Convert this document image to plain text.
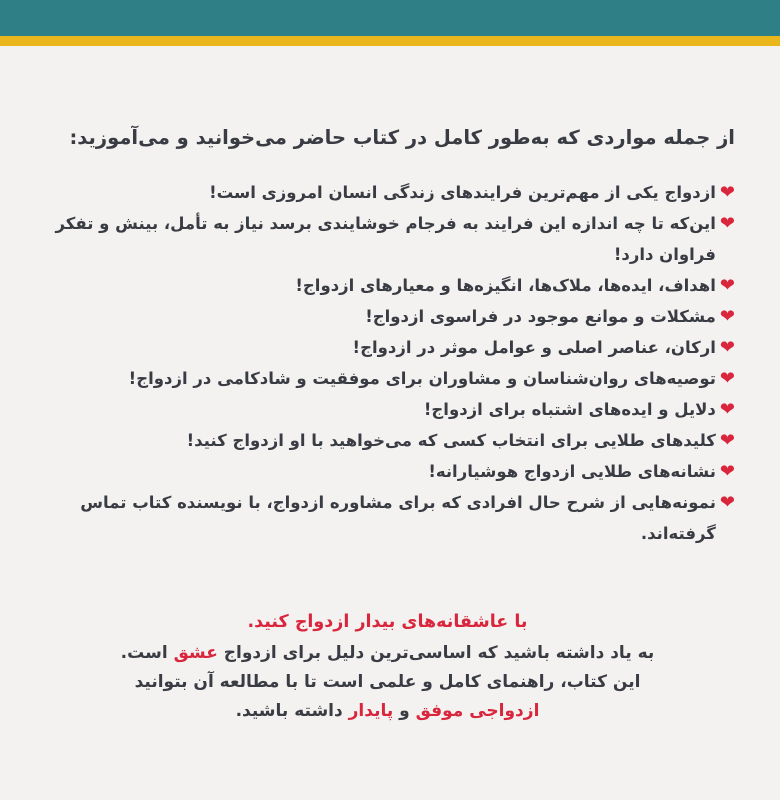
از جمله مواردی که به‌طور کامل در کتاب حاضر می‌خوانید و می‌آموزید:

❤
ازدواج یکی از مهم‌ترین فرایندهای زندگی انسان امروزی است!
❤
این‌که تا چه اندازه این فرایند به فرجام خوشایندی برسد نیاز به تأمل، بینش و تفکر فراوان دارد!
❤
اهداف، ایده‌ها، ملاک‌ها، انگیزه‌ها و معیارهای ازدواج!
❤
مشکلات و موانع موجود در فراسوی ازدواج!
❤
ارکان، عناصر اصلی و عوامل موثر در ازدواج!
❤
توصیه‌های روان‌شناسان و مشاوران برای موفقیت و شادکامی در ازدواج!
❤
دلایل و ایده‌های اشتباه برای ازدواج!
❤
کلیدهای طلایی برای انتخاب کسی که می‌خواهید با او ازدواج کنید!
❤
نشانه‌های طلایی ازدواج هوشیارانه!
❤
نمونه‌هایی از شرح حال افرادی که برای مشاوره ازدواج، با نویسنده کتاب تماس گرفته‌اند.

با عاشقانه‌های بیدار ازدواج کنید.

به یاد داشته باشید که اساسی‌ترین دلیل برای ازدواج عشق است.

این کتاب، راهنمای کامل و علمی است تا با مطالعه آن بتوانید

ازدواجی موفق و پایدار داشته باشید.
